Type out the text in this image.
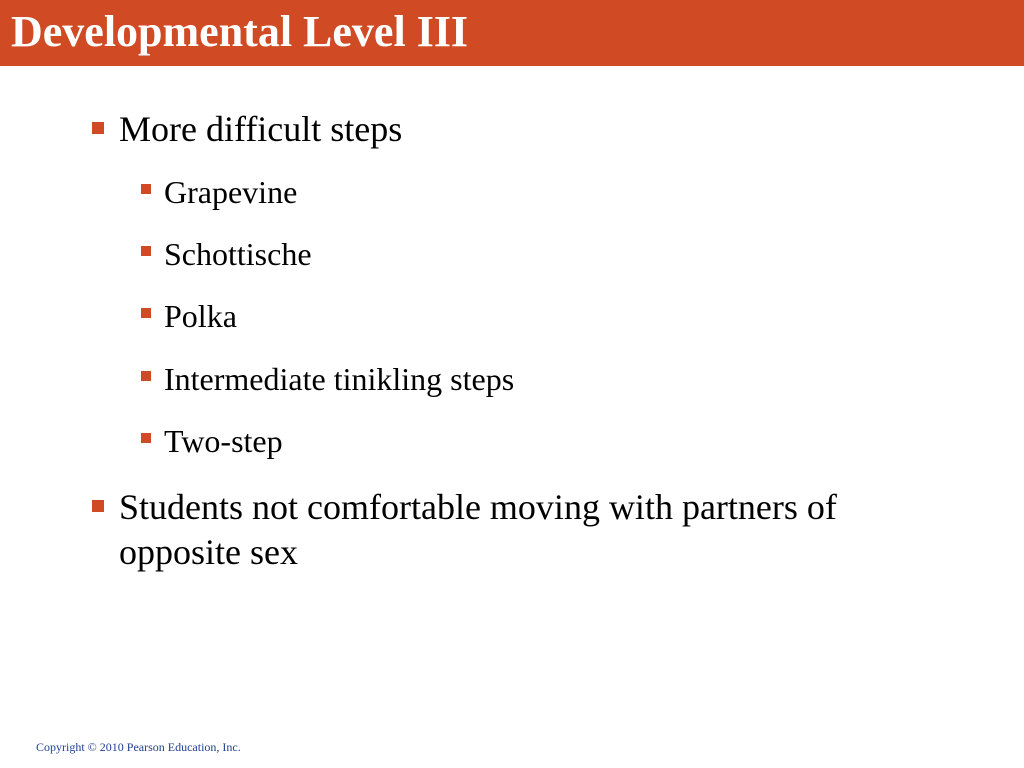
Developmental Level III
More difficult steps
Grapevine
Schottische
Polka
Intermediate tinikling steps
Two-step
Students not comfortable moving with partners of
opposite sex
Copyright © 2010 Pearson Education, Inc.
